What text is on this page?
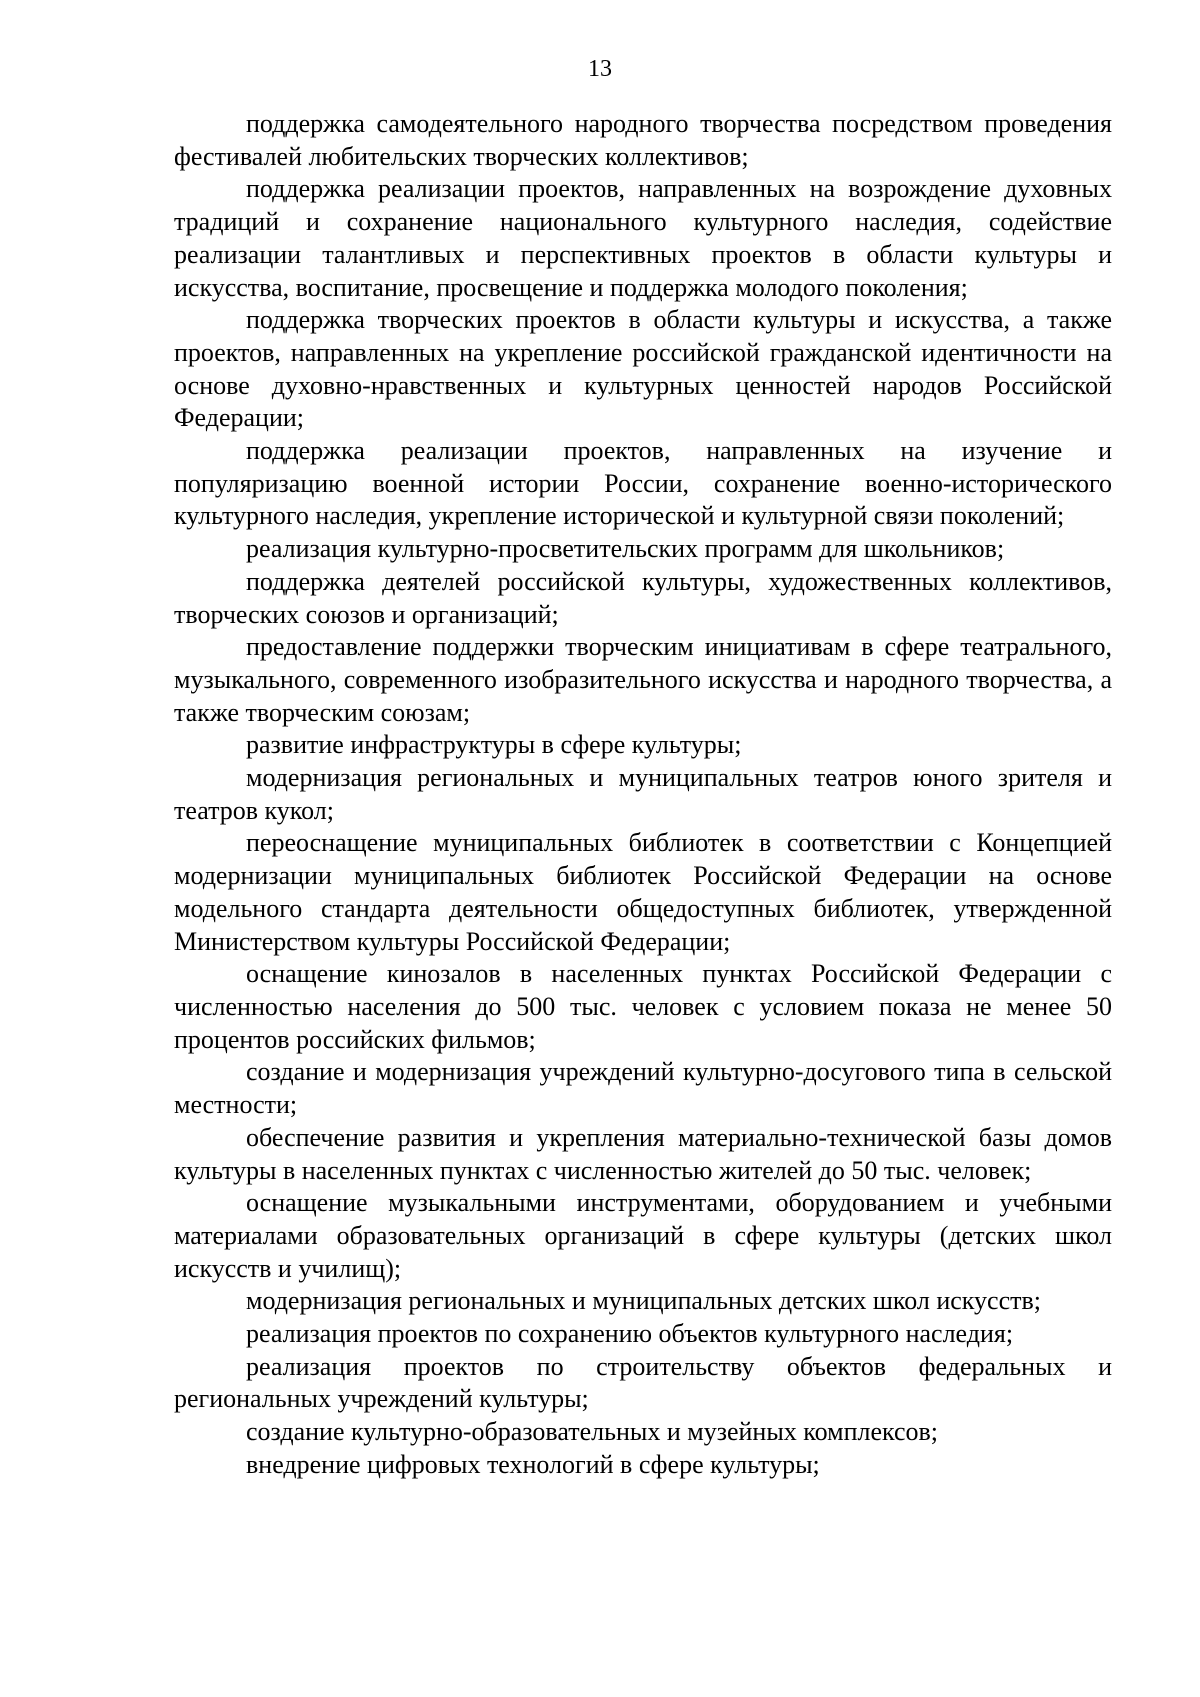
13

поддержка самодеятельного народного творчества посредством проведения фестивалей любительских творческих коллективов;

поддержка реализации проектов, направленных на возрождение духовных традиций и сохранение национального культурного наследия, содействие реализации талантливых и перспективных проектов в области культуры и искусства, воспитание, просвещение и поддержка молодого поколения;

поддержка творческих проектов в области культуры и искусства, а также проектов, направленных на укрепление российской гражданской идентичности на основе духовно-нравственных и культурных ценностей народов Российской Федерации;

поддержка реализации проектов, направленных на изучение и популяризацию военной истории России, сохранение военно-исторического культурного наследия, укрепление исторической и культурной связи поколений;

реализация культурно-просветительских программ для школьников;

поддержка деятелей российской культуры, художественных коллективов, творческих союзов и организаций;

предоставление поддержки творческим инициативам в сфере театрального, музыкального, современного изобразительного искусства и народного творчества, а также творческим союзам;

развитие инфраструктуры в сфере культуры;

модернизация региональных и муниципальных театров юного зрителя и театров кукол;

переоснащение муниципальных библиотек в соответствии с Концепцией модернизации муниципальных библиотек Российской Федерации на основе модельного стандарта деятельности общедоступных библиотек, утвержденной Министерством культуры Российской Федерации;

оснащение кинозалов в населенных пунктах Российской Федерации с численностью населения до 500 тыс. человек с условием показа не менее 50 процентов российских фильмов;

создание и модернизация учреждений культурно-досугового типа в сельской местности;

обеспечение развития и укрепления материально-технической базы домов культуры в населенных пунктах с численностью жителей до 50 тыс. человек;

оснащение музыкальными инструментами, оборудованием и учебными материалами образовательных организаций в сфере культуры (детских школ искусств и училищ);

модернизация региональных и муниципальных детских школ искусств;

реализация проектов по сохранению объектов культурного наследия;

реализация проектов по строительству объектов федеральных и региональных учреждений культуры;

создание культурно-образовательных и музейных комплексов;

внедрение цифровых технологий в сфере культуры;
